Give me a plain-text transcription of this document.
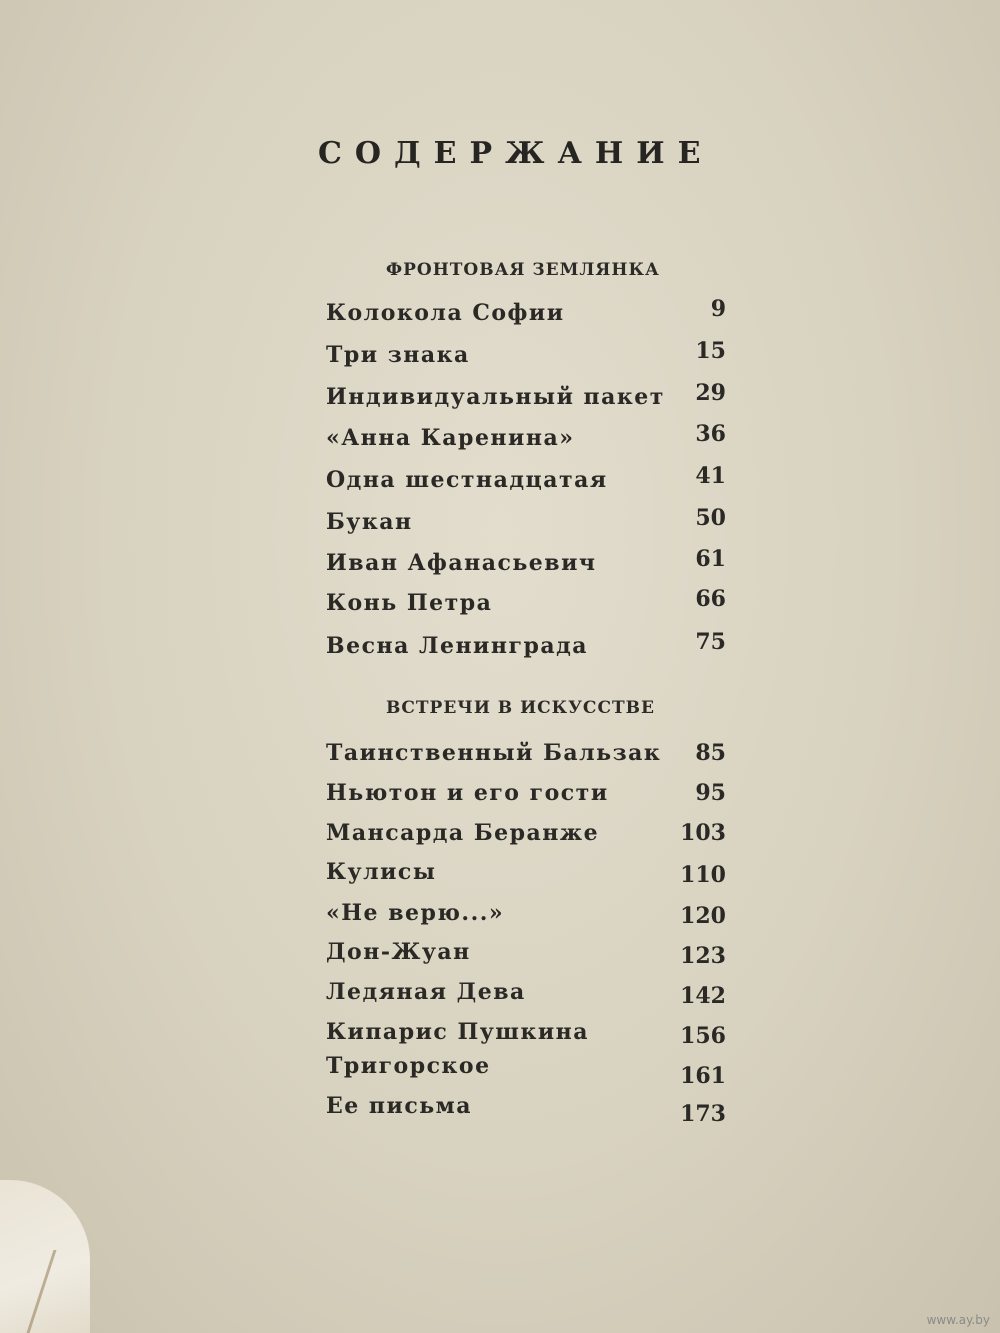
СОДЕРЖАНИЕ
ФРОНТОВАЯ ЗЕМЛЯНКА
Колокола Софии	9
Три знака	15
Индивидуальный пакет 29
«Анна Каренина»	36
Одна шестнадцатая	41
Букан	50
Иван Афанасьевич	61
Конь Петра	66
Весна Ленинграда	75
ВСТРЕЧИ В ИСКУССТВЕ
Таинственный Бальзак 85
Ньютон и его гости	95
Мансарда Беранже	103
Кулисы	110
«Не верю...»	120
Дон-Жуан	123
Ледяная Дева	142
Кипарис Пушкина	156
Тригорское	161
Ее письма	173
www.ay.by
